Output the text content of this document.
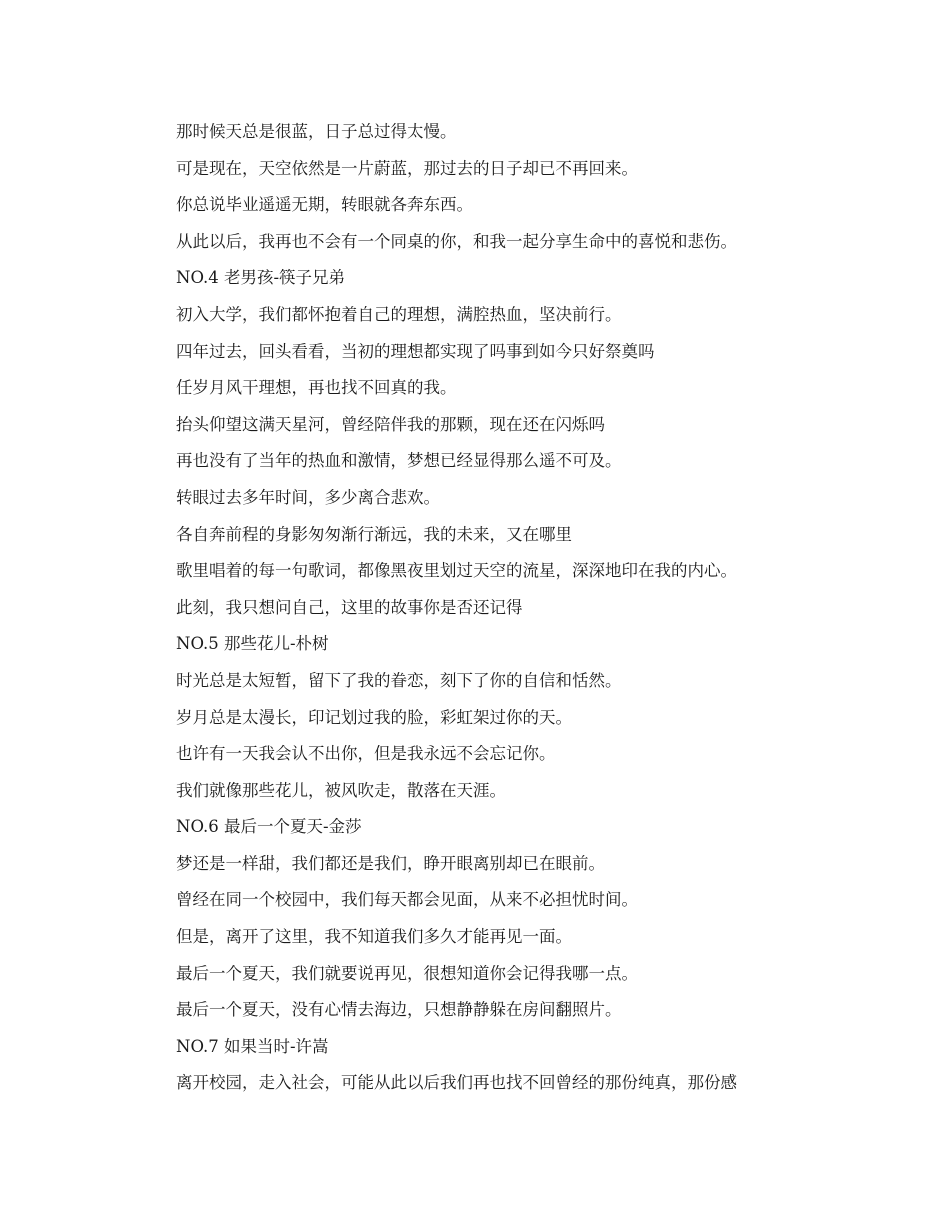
那时候天总是很蓝，日子总过得太慢。
可是现在，天空依然是一片蔚蓝，那过去的日子却已不再回来。
你总说毕业遥遥无期，转眼就各奔东西。
从此以后，我再也不会有一个同桌的你，和我一起分享生命中的喜悦和悲伤。
NO.4 老男孩-筷子兄弟
初入大学，我们都怀抱着自己的理想，满腔热血，坚决前行。
四年过去，回头看看，当初的理想都实现了吗事到如今只好祭奠吗
任岁月风干理想，再也找不回真的我。
抬头仰望这满天星河，曾经陪伴我的那颗，现在还在闪烁吗
再也没有了当年的热血和激情，梦想已经显得那么遥不可及。
转眼过去多年时间，多少离合悲欢。
各自奔前程的身影匆匆渐行渐远，我的未来，又在哪里
歌里唱着的每一句歌词，都像黑夜里划过天空的流星，深深地印在我的内心。
此刻，我只想问自己，这里的故事你是否还记得
NO.5 那些花儿-朴树
时光总是太短暂，留下了我的眷恋，刻下了你的自信和恬然。
岁月总是太漫长，印记划过我的脸，彩虹架过你的天。
也许有一天我会认不出你，但是我永远不会忘记你。
我们就像那些花儿，被风吹走，散落在天涯。
NO.6 最后一个夏天-金莎
梦还是一样甜，我们都还是我们，睁开眼离别却已在眼前。
曾经在同一个校园中，我们每天都会见面，从来不必担忧时间。
但是，离开了这里，我不知道我们多久才能再见一面。
最后一个夏天，我们就要说再见，很想知道你会记得我哪一点。
最后一个夏天，没有心情去海边，只想静静躲在房间翻照片。
NO.7 如果当时-许嵩
离开校园，走入社会，可能从此以后我们再也找不回曾经的那份纯真，那份感
